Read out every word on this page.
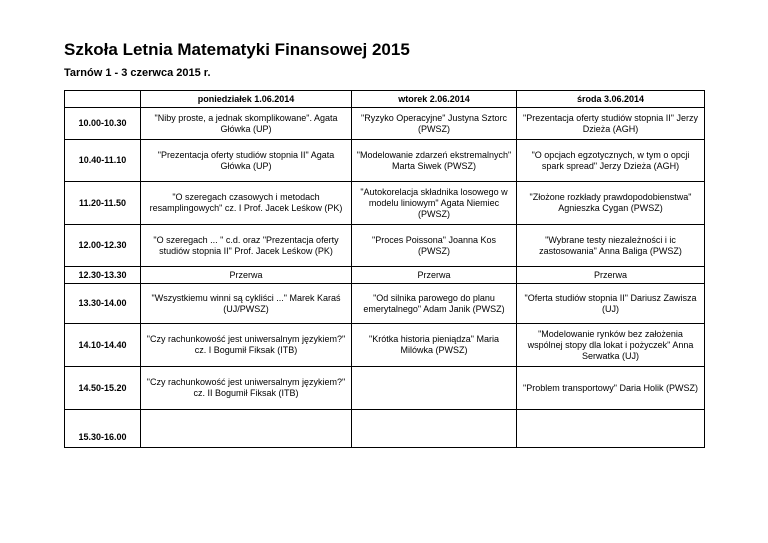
Szkoła Letnia Matematyki Finansowej 2015
Tarnów 1 - 3 czerwca 2015 r.
	poniedziałek 1.06.2014	wtorek 2.06.2014	środa 3.06.2014
10.00-10.30	"Niby proste, a jednak skomplikowane". Agata Główka (UP)	"Ryzyko Operacyjne" Justyna Sztorc (PWSZ)	"Prezentacja oferty studiów stopnia II" Jerzy Dzieża (AGH)
10.40-11.10	"Prezentacja oferty studiów stopnia II" Agata Główka (UP)	"Modelowanie zdarzeń ekstremalnych" Marta Siwek (PWSZ)	"O opcjach egzotycznych, w tym o opcji spark spread" Jerzy Dzieża (AGH)
11.20-11.50	"O szeregach czasowych i metodach resamplingowych" cz. I Prof. Jacek Leśkow (PK)	"Autokorelacja składnika losowego w modelu liniowym" Agata Niemiec (PWSZ)	"Złożone rozkłady prawdopodobienstwa" Agnieszka Cygan (PWSZ)
12.00-12.30	"O szeregach ... " c.d. oraz "Prezentacja oferty studiów stopnia II" Prof. Jacek Leśkow (PK)	"Proces Poissona" Joanna Kos (PWSZ)	"Wybrane testy niezależności i ic zastosowania" Anna Baliga (PWSZ)
12.30-13.30	Przerwa	Przerwa	Przerwa
13.30-14.00	"Wszystkiemu winni są cykliści ..." Marek Karaś (UJ/PWSZ)	"Od silnika parowego do planu emerytalnego" Adam Janik (PWSZ)	"Oferta studiów stopnia II" Dariusz Zawisza (UJ)
14.10-14.40	"Czy rachunkowość jest uniwersalnym językiem?" cz. I Bogumił Fiksak (ITB)	"Krótka historia pieniądza" Maria Milówka (PWSZ)	"Modelowanie rynków bez założenia wspólnej stopy dla lokat i pożyczek" Anna Serwatka (UJ)
14.50-15.20	"Czy rachunkowość jest uniwersalnym językiem?" cz. II Bogumił Fiksak (ITB)		"Problem transportowy" Daria Holik (PWSZ)
15.30-16.00			
